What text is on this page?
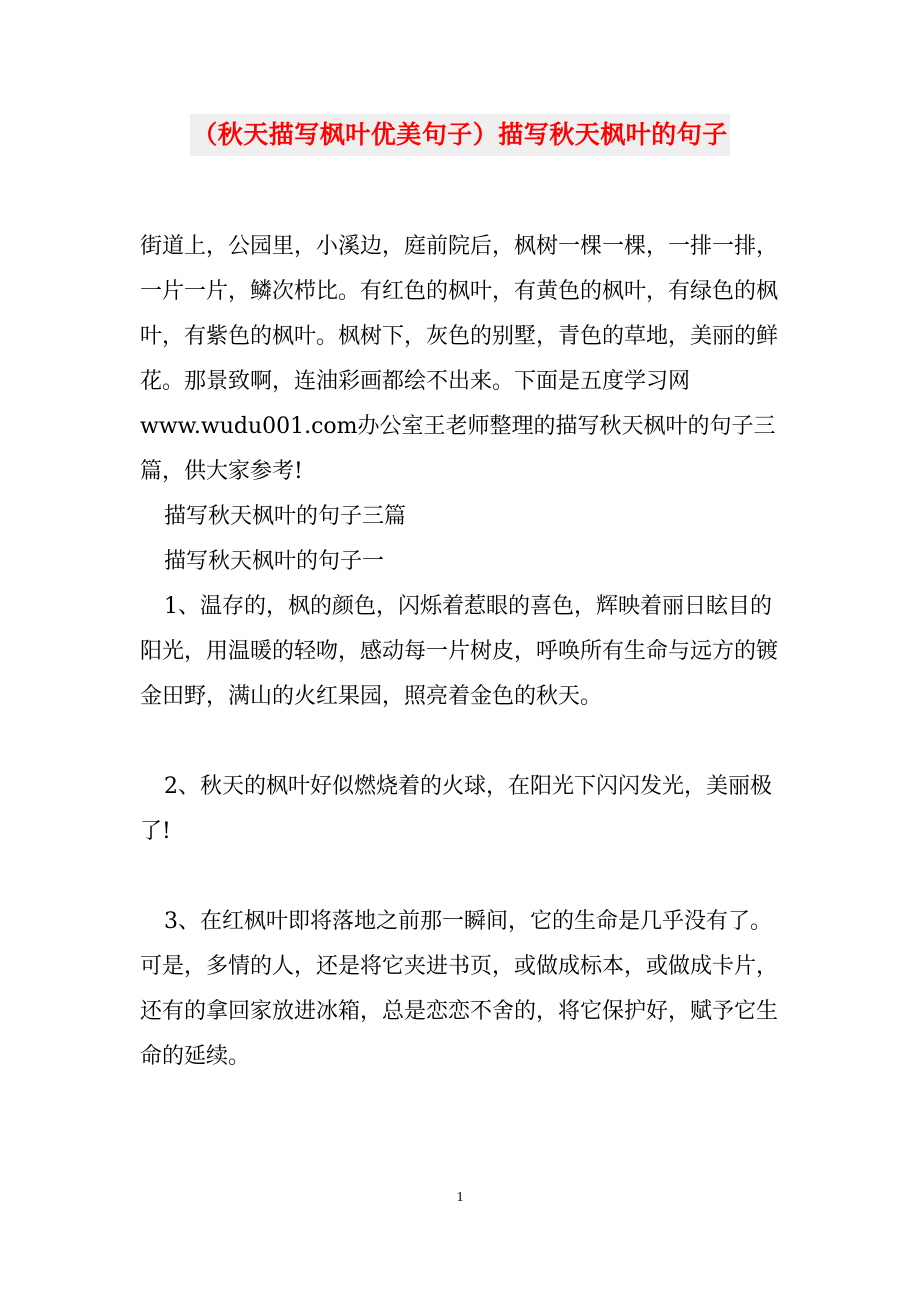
（秋天描写枫叶优美句子）描写秋天枫叶的句子

街道上，公园里，小溪边，庭前院后，枫树一棵一棵，一排一排，一片一片，鳞次栉比。有红色的枫叶，有黄色的枫叶，有绿色的枫叶，有紫色的枫叶。枫树下，灰色的别墅，青色的草地，美丽的鲜花。那景致啊，连油彩画都绘不出来。下面是五度学习网www.wudu001.com办公室王老师整理的描写秋天枫叶的句子三篇，供大家参考!

描写秋天枫叶的句子三篇

描写秋天枫叶的句子一

1、温存的，枫的颜色，闪烁着惹眼的喜色，辉映着丽日眩目的阳光，用温暖的轻吻，感动每一片树皮，呼唤所有生命与远方的镀金田野，满山的火红果园，照亮着金色的秋天。

2、秋天的枫叶好似燃烧着的火球，在阳光下闪闪发光，美丽极了!

3、在红枫叶即将落地之前那一瞬间，它的生命是几乎没有了。可是，多情的人，还是将它夹进书页，或做成标本，或做成卡片，还有的拿回家放进冰箱，总是恋恋不舍的，将它保护好，赋予它生命的延续。

1
